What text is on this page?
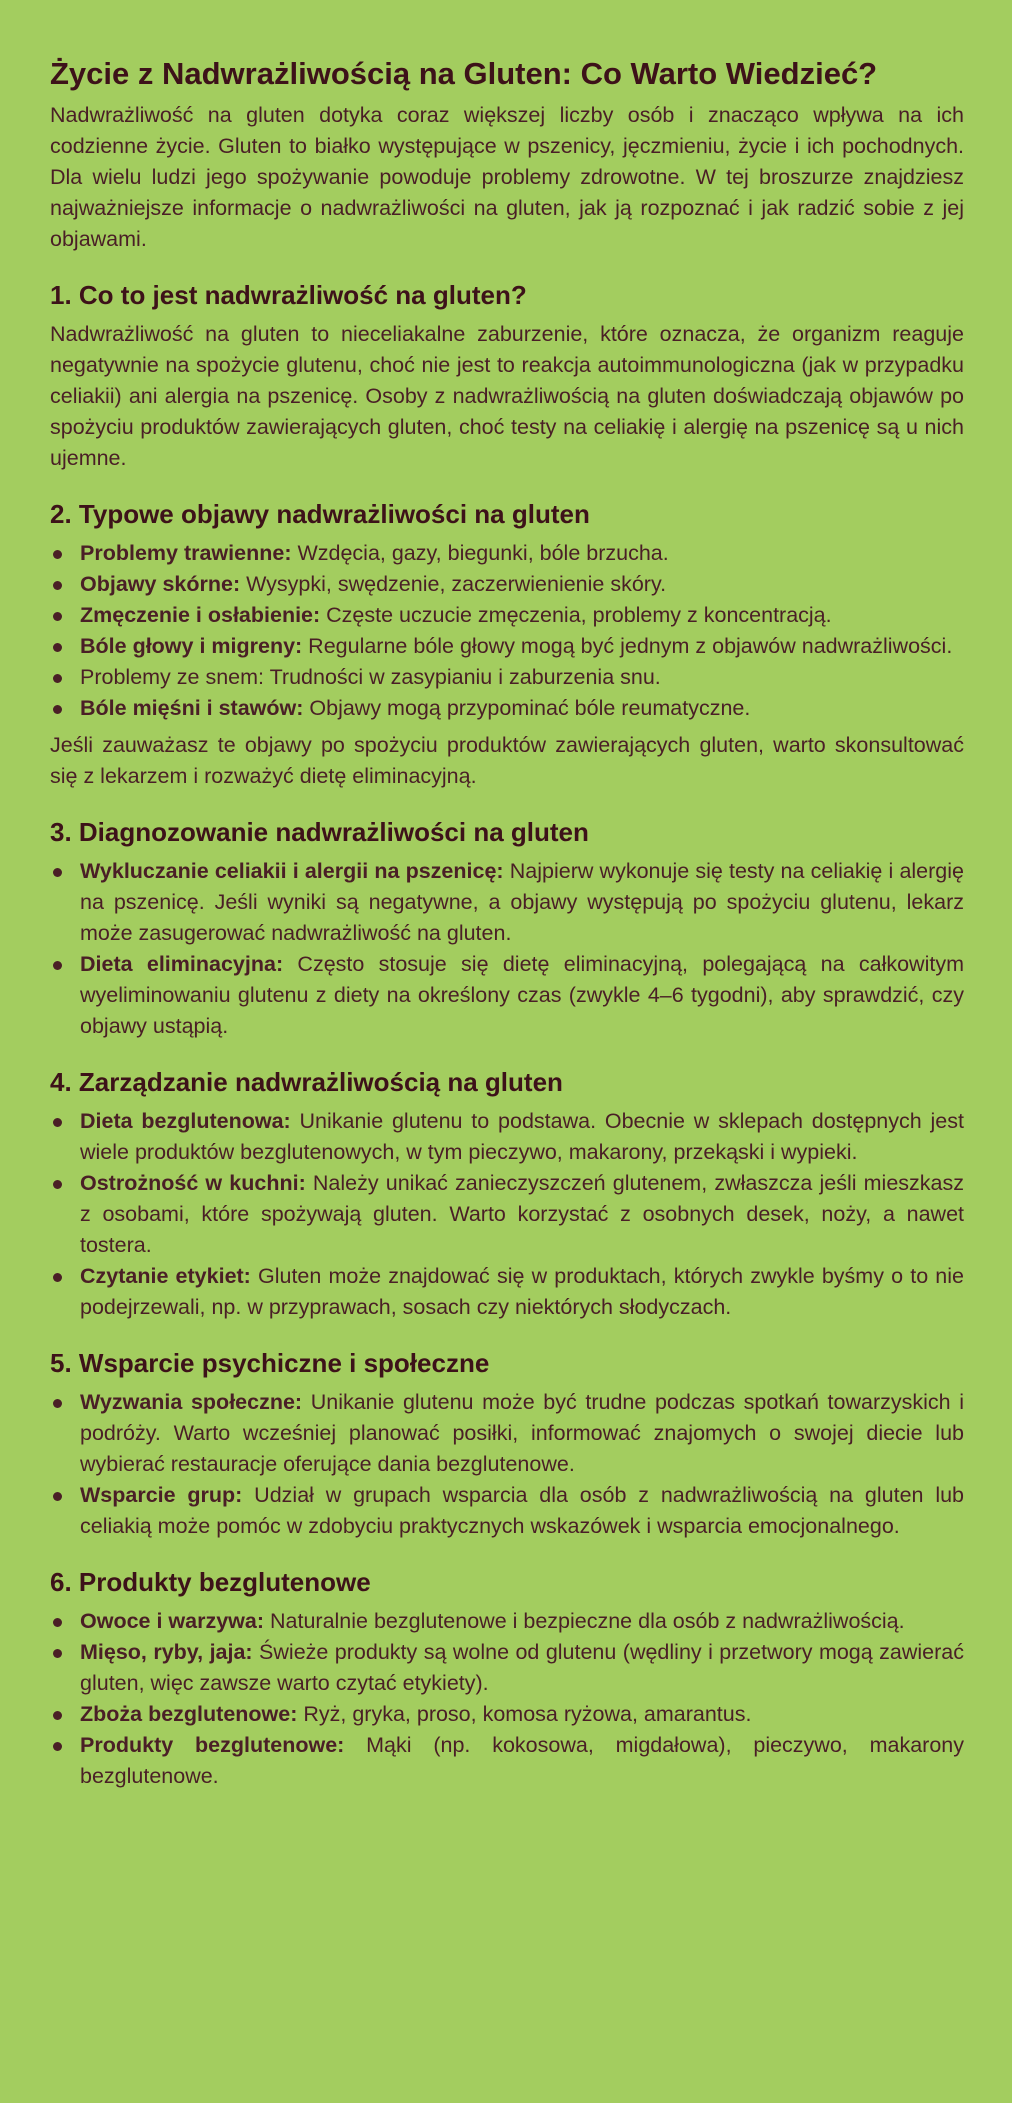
Życie z Nadwrażliwością na Gluten: Co Warto Wiedzieć?

Nadwrażliwość na gluten dotyka coraz większej liczby osób i znacząco wpływa na ich codzienne życie. Gluten to białko występujące w pszenicy, jęczmieniu, życie i ich pochodnych. Dla wielu ludzi jego spożywanie powoduje problemy zdrowotne. W tej broszurze znajdziesz najważniejsze informacje o nadwrażliwości na gluten, jak ją rozpoznać i jak radzić sobie z jej objawami.

1. Co to jest nadwrażliwość na gluten?

Nadwrażliwość na gluten to nieceliakalne zaburzenie, które oznacza, że organizm reaguje negatywnie na spożycie glutenu, choć nie jest to reakcja autoimmunologiczna (jak w przypadku celiakii) ani alergia na pszenicę. Osoby z nadwrażliwością na gluten doświadczają objawów po spożyciu produktów zawierających gluten, choć testy na celiakię i alergię na pszenicę są u nich ujemne.

2. Typowe objawy nadwrażliwości na gluten
Problemy trawienne: Wzdęcia, gazy, biegunki, bóle brzucha.
Objawy skórne: Wysypki, swędzenie, zaczerwienienie skóry.
Zmęczenie i osłabienie: Częste uczucie zmęczenia, problemy z koncentracją.
Bóle głowy i migreny: Regularne bóle głowy mogą być jednym z objawów nadwrażliwości.
Problemy ze snem: Trudności w zasypianiu i zaburzenia snu.
Bóle mięśni i stawów: Objawy mogą przypominać bóle reumatyczne.

Jeśli zauważasz te objawy po spożyciu produktów zawierających gluten, warto skonsultować się z lekarzem i rozważyć dietę eliminacyjną.

3. Diagnozowanie nadwrażliwości na gluten
Wykluczanie celiakii i alergii na pszenicę: Najpierw wykonuje się testy na celiakię i alergię na pszenicę. Jeśli wyniki są negatywne, a objawy występują po spożyciu glutenu, lekarz może zasugerować nadwrażliwość na gluten.
Dieta eliminacyjna: Często stosuje się dietę eliminacyjną, polegającą na całkowitym wyeliminowaniu glutenu z diety na określony czas (zwykle 4–6 tygodni), aby sprawdzić, czy objawy ustąpią.
4. Zarządzanie nadwrażliwością na gluten
Dieta bezglutenowa: Unikanie glutenu to podstawa. Obecnie w sklepach dostępnych jest wiele produktów bezglutenowych, w tym pieczywo, makarony, przekąski i wypieki.
Ostrożność w kuchni: Należy unikać zanieczyszczeń glutenem, zwłaszcza jeśli mieszkasz z osobami, które spożywają gluten. Warto korzystać z osobnych desek, noży, a nawet tostera.
Czytanie etykiet: Gluten może znajdować się w produktach, których zwykle byśmy o to nie podejrzewali, np. w przyprawach, sosach czy niektórych słodyczach.
5. Wsparcie psychiczne i społeczne
Wyzwania społeczne: Unikanie glutenu może być trudne podczas spotkań towarzyskich i podróży. Warto wcześniej planować posiłki, informować znajomych o swojej diecie lub wybierać restauracje oferujące dania bezglutenowe.
Wsparcie grup: Udział w grupach wsparcia dla osób z nadwrażliwością na gluten lub celiakią może pomóc w zdobyciu praktycznych wskazówek i wsparcia emocjonalnego.
6. Produkty bezglutenowe
Owoce i warzywa: Naturalnie bezglutenowe i bezpieczne dla osób z nadwrażliwością.
Mięso, ryby, jaja: Świeże produkty są wolne od glutenu (wędliny i przetwory mogą zawierać gluten, więc zawsze warto czytać etykiety).
Zboża bezglutenowe: Ryż, gryka, proso, komosa ryżowa, amarantus.
Produkty bezglutenowe: Mąki (np. kokosowa, migdałowa), pieczywo, makarony bezglutenowe.
